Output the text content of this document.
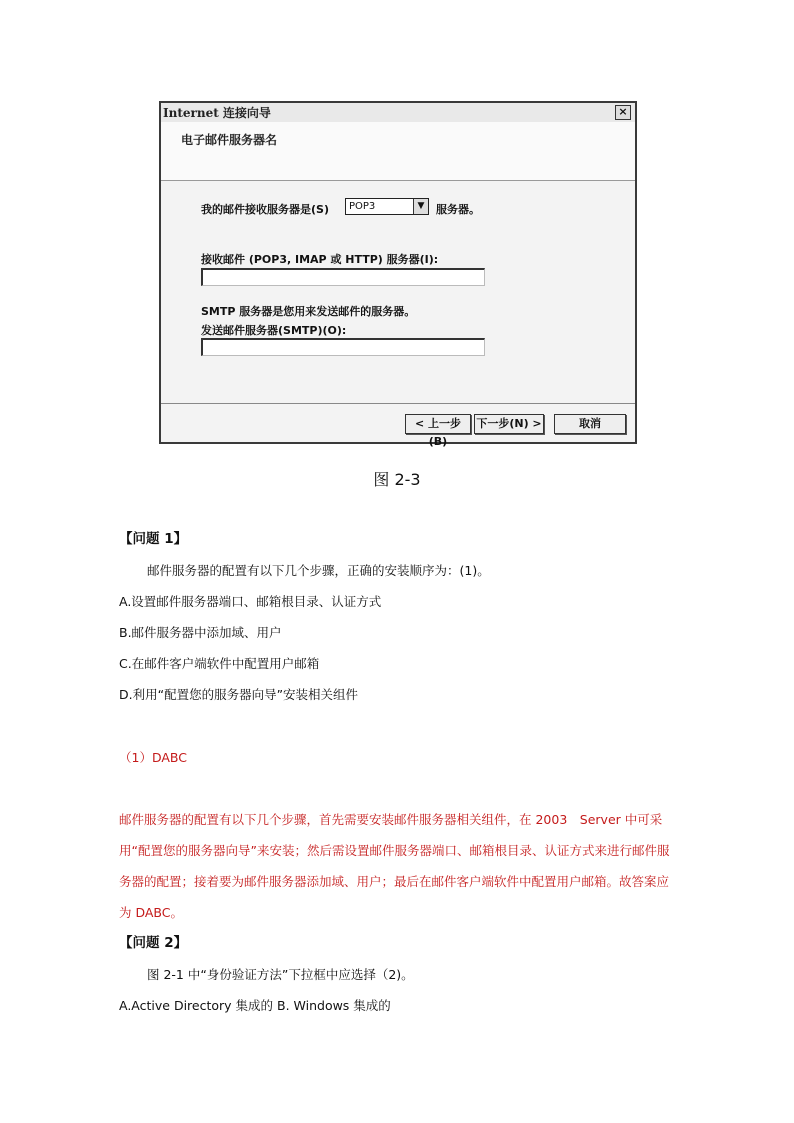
Internet 连接向导	×
电子邮件服务器名
我的邮件接收服务器是(S)	POP3	▼	服务器。
接收邮件 (POP3, IMAP 或 HTTP) 服务器(I):
SMTP 服务器是您用来发送邮件的服务器。
发送邮件服务器(SMTP)(O):
< 上一步(B)
下一步(N) >	取消
图 2-3
【问题 1】
邮件服务器的配置有以下几个步骤，正确的安装顺序为：(1)。
A.设置邮件服务器端口、邮箱根目录、认证方式
B.邮件服务器中添加域、用户
C.在邮件客户端软件中配置用户邮箱
D.利用“配置您的服务器向导”安装相关组件
（1）DABC
邮件服务器的配置有以下几个步骤，首先需要安装邮件服务器相关组件，在 2003　Server 中可采用“配置您的服务器向导”来安装；然后需设置邮件服务器端口、邮箱根目录、认证方式来进行邮件服务器的配置；接着要为邮件服务器添加域、用户；最后在邮件客户端软件中配置用户邮箱。故答案应为 DABC。
【问题 2】
图 2-1 中“身份验证方法”下拉框中应选择（2)。
A.Active Directory 集成的 B. Windows 集成的
